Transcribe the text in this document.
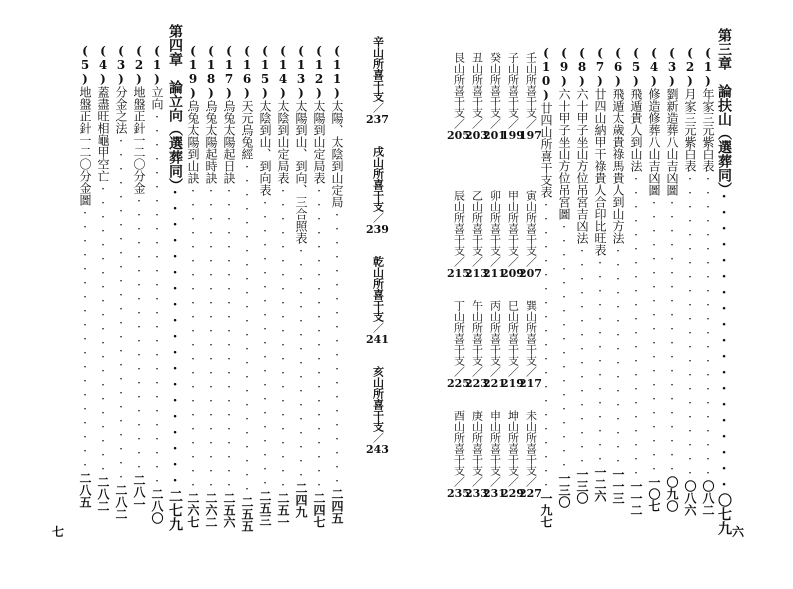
第三章　論扶山（選葬同）···················〇七九
(1)年家三元紫白表······················〇八二
(2)月家三元紫白表······················〇八六
(3)劉新造葬八山吉凶圖····················〇九〇
(4)修造修葬八山吉凶圖····················一〇七
(5)飛遁貴人到山法······················一一二
(6)飛遁太歲貴祿馬貴人到山方法················一一三
(7)廿四山納甲干祿貴人合印比旺表···············一二六
(8)六十甲子坐山方位吊宮吉凶法················一三〇
(9)六十甲子坐山方位吊宮圖··················一三〇
(10)廿四山所喜干支表·····················一九七
壬山所喜干支／197
子山所喜干支／199
癸山所喜干支／201
丑山所喜干支／203
艮山所喜干支／205
寅山所喜干支／207
甲山所喜干支／209
卯山所喜干支／211
乙山所喜干支／213
辰山所喜干支／215
巽山所喜干支／217
巳山所喜干支／219
丙山所喜干支／221
午山所喜干支／223
丁山所喜干支／225
未山所喜干支／227
坤山所喜干支／229
申山所喜干支／231
庚山所喜干支／233
酉山所喜干支／235
六
(11)太陽、太陰到山定局····················二四五
辛山所喜干支／237
戌山所喜干支／239
乾山所喜干支／241
亥山所喜干支／243
(12)太陽到山定局表······················二四七
(13)太陽到山、到向、三合照表·················二四九
(14)太陰到山定局表······················二五一
(15)太陰到山、到向表·····················二五三
(16)天元烏兔經························二五五
(17)烏兔太陽起日訣······················二五六
(18)烏兔太陽起時訣······················二六二
(19)烏兔太陽到山訣······················二六七
第四章　論立向（選葬同）···················二七九
(1)立向···························二八〇
(2)地盤正針一二〇分金····················二八一
(3)分金之法·························二八二
(4)蓋盡旺相龜甲空亡·····················二八二
(5)地盤正針一二〇分金圖···················二八五
七
